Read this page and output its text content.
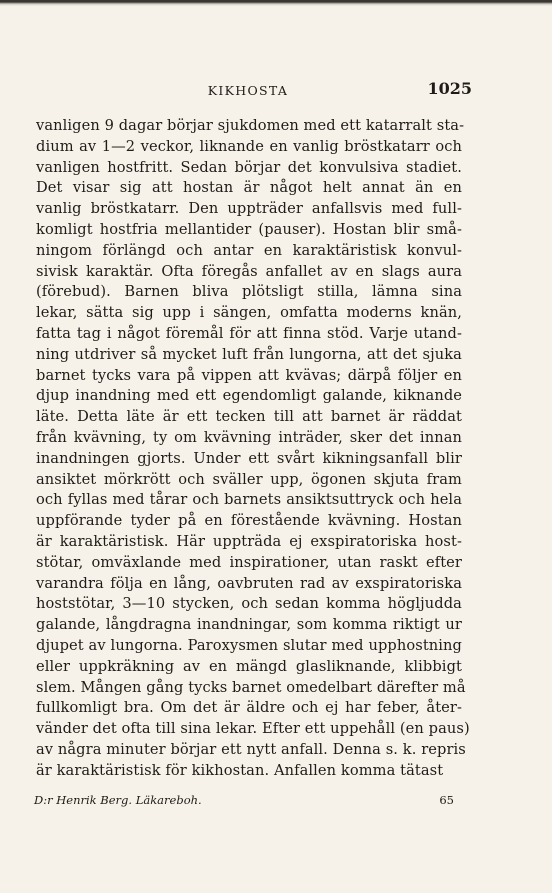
KIKHOSTA	1025
vanligen 9 dagar börjar sjukdomen med ett katarralt sta-
dium av 1—2 veckor, liknande en vanlig bröstkatarr och
vanligen hostfritt. Sedan börjar det konvulsiva stadiet.
Det visar sig att hostan är något helt annat än en
vanlig bröstkatarr. Den uppträder anfallsvis med full-
komligt hostfria mellantider (pauser). Hostan blir små-
ningom förlängd och antar en karaktäristisk konvul-
sivisk karaktär. Ofta föregås anfallet av en slags aura
(förebud). Barnen bliva plötsligt stilla, lämna sina
lekar, sätta sig upp i sängen, omfatta moderns knän,
fatta tag i något föremål för att finna stöd. Varje utand-
ning utdriver så mycket luft från lungorna, att det sjuka
barnet tycks vara på vippen att kvävas; därpå följer en
djup inandning med ett egendomligt galande, kiknande
läte. Detta läte är ett tecken till att barnet är räddat
från kvävning, ty om kvävning inträder, sker det innan
inandningen gjorts. Under ett svårt kikningsanfall blir
ansiktet mörkrött och sväller upp, ögonen skjuta fram
och fyllas med tårar och barnets ansiktsuttryck och hela
uppförande tyder på en förestående kvävning. Hostan
är karaktäristisk. Här uppträda ej exspiratoriska host-
stötar, omväxlande med inspirationer, utan raskt efter
varandra följa en lång, oavbruten rad av exspiratoriska
hoststötar, 3—10 stycken, och sedan komma högljudda
galande, långdragna inandningar, som komma riktigt ur
djupet av lungorna. Paroxysmen slutar med upphostning
eller uppkräkning av en mängd glasliknande, klibbigt
slem. Mången gång tycks barnet omedelbart därefter må
fullkomligt bra. Om det är äldre och ej har feber, åter-
vänder det ofta till sina lekar. Efter ett uppehåll (en paus)
av några minuter börjar ett nytt anfall. Denna s. k. repris
är karaktäristisk för kikhostan. Anfallen komma tätast
D:r Henrik Berg. Läkareboh.	65
